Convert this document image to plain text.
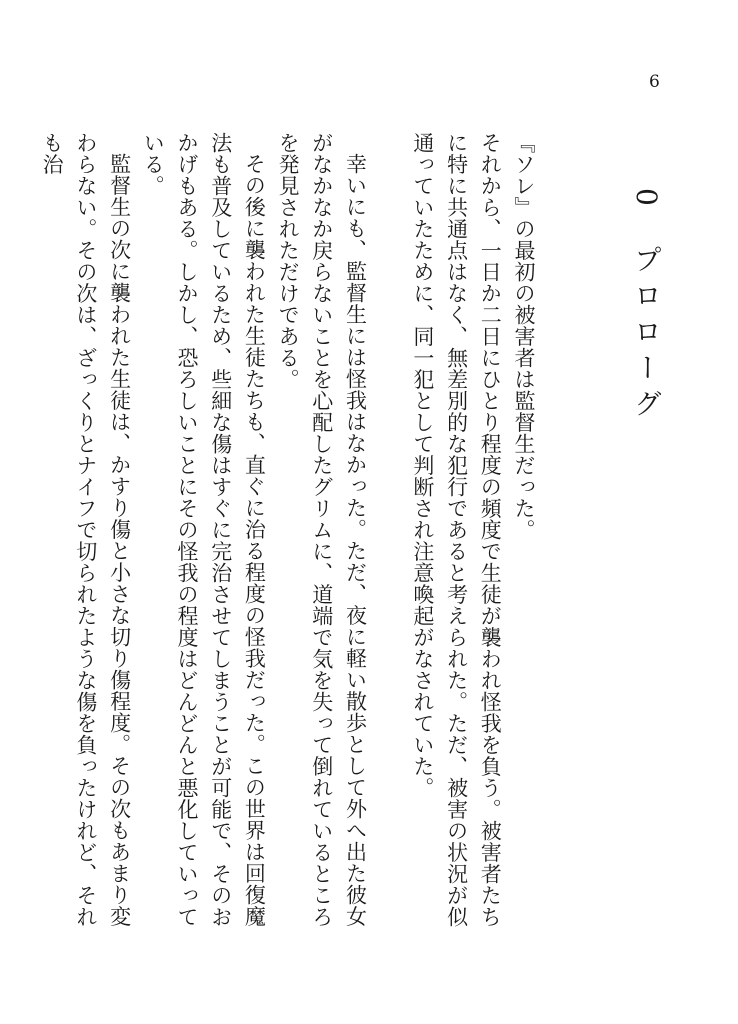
6
0 プロローグ

『ソレ』の最初の被害者は監督生だった。

それから、一日か二日にひとり程度の頻度で生徒が襲われ怪我を負う。被害者たちに特に共通点はなく、無差別的な犯行であると考えられた。ただ、被害の状況が似通っていたために、同一犯として判断され注意喚起がなされていた。

幸いにも、監督生には怪我はなかった。ただ、夜に軽い散歩として外へ出た彼女がなかなか戻らないことを心配したグリムに、道端で気を失って倒れているところを発見されただけである。

その後に襲われた生徒たちも、直ぐに治る程度の怪我だった。この世界は回復魔法も普及しているため、些細な傷はすぐに完治させてしまうことが可能で、そのおかげもある。しかし、恐ろしいことにその怪我の程度はどんどんと悪化していっている。

監督生の次に襲われた生徒は、かすり傷と小さな切り傷程度。その次もあまり変わらない。その次は、ざっくりとナイフで切られたような傷を負ったけれど、それも治
